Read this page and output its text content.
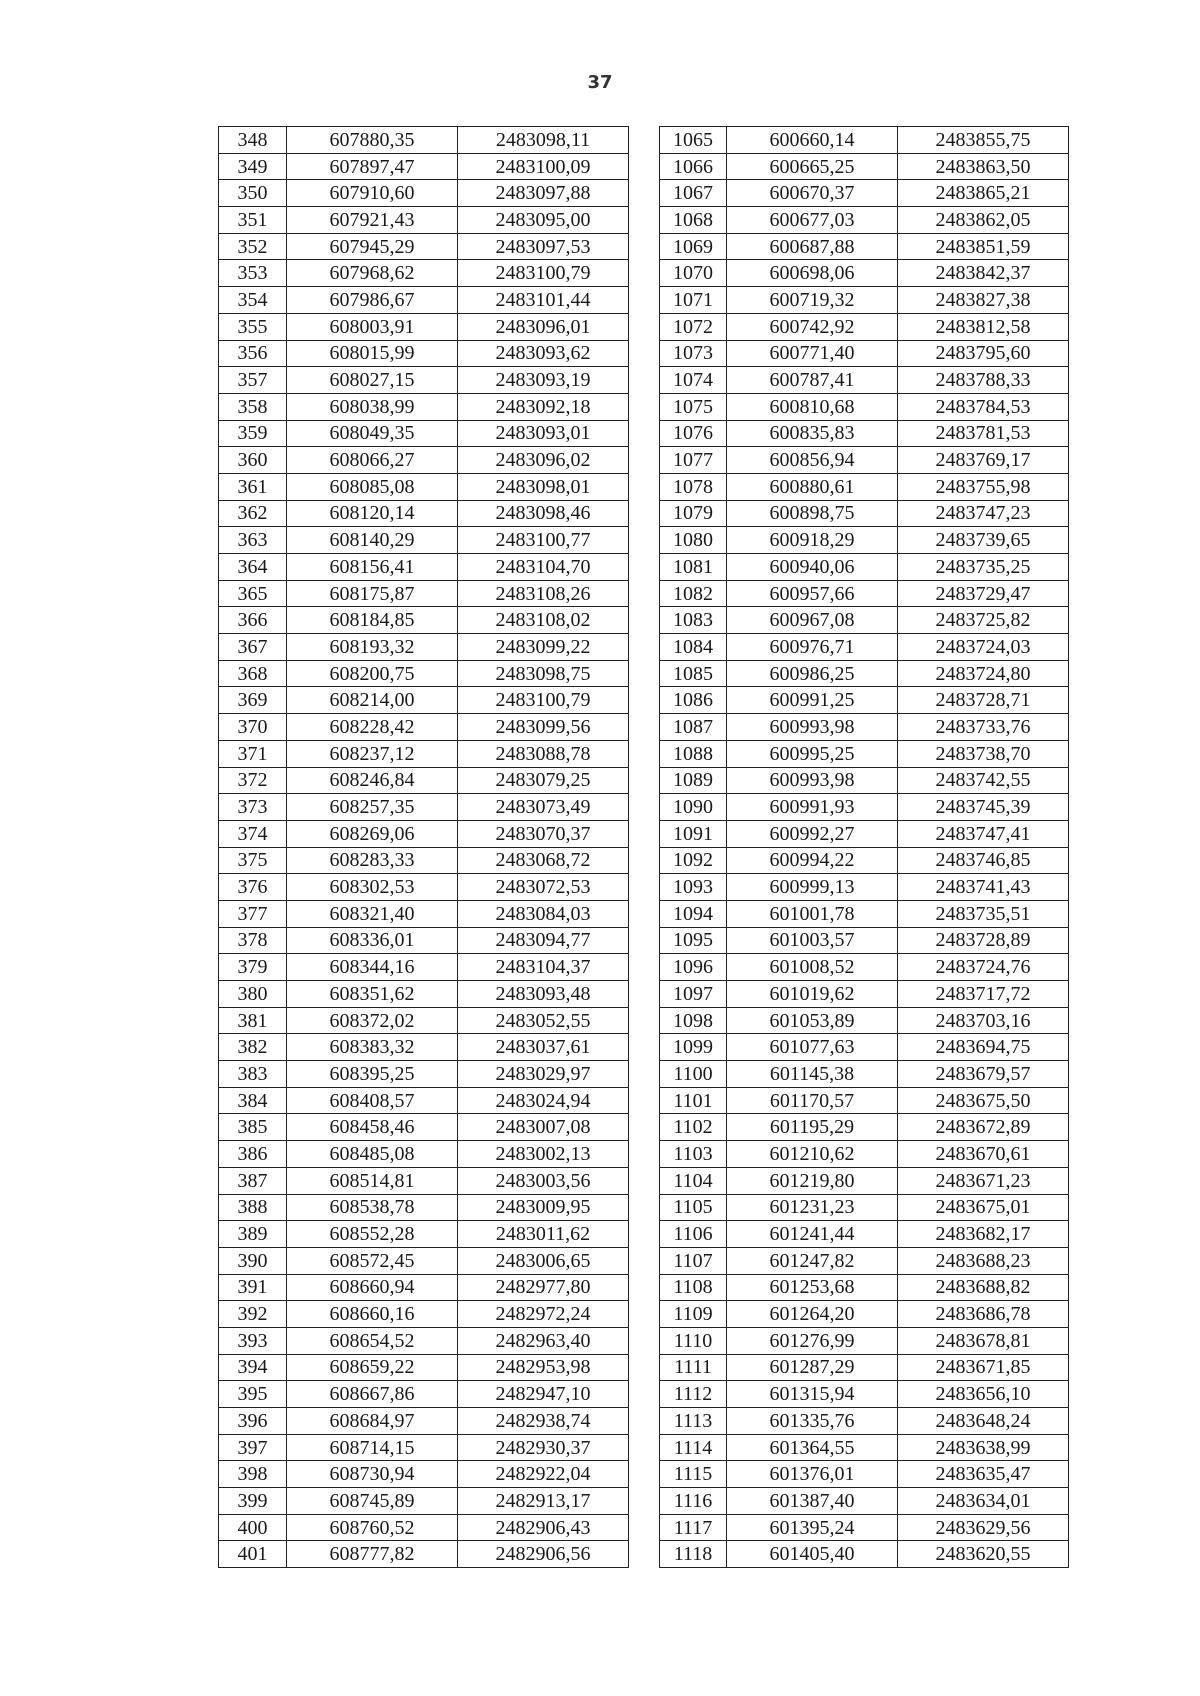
37
348	607880,35	2483098,11
349	607897,47	2483100,09
350	607910,60	2483097,88
351	607921,43	2483095,00
352	607945,29	2483097,53
353	607968,62	2483100,79
354	607986,67	2483101,44
355	608003,91	2483096,01
356	608015,99	2483093,62
357	608027,15	2483093,19
358	608038,99	2483092,18
359	608049,35	2483093,01
360	608066,27	2483096,02
361	608085,08	2483098,01
362	608120,14	2483098,46
363	608140,29	2483100,77
364	608156,41	2483104,70
365	608175,87	2483108,26
366	608184,85	2483108,02
367	608193,32	2483099,22
368	608200,75	2483098,75
369	608214,00	2483100,79
370	608228,42	2483099,56
371	608237,12	2483088,78
372	608246,84	2483079,25
373	608257,35	2483073,49
374	608269,06	2483070,37
375	608283,33	2483068,72
376	608302,53	2483072,53
377	608321,40	2483084,03
378	608336,01	2483094,77
379	608344,16	2483104,37
380	608351,62	2483093,48
381	608372,02	2483052,55
382	608383,32	2483037,61
383	608395,25	2483029,97
384	608408,57	2483024,94
385	608458,46	2483007,08
386	608485,08	2483002,13
387	608514,81	2483003,56
388	608538,78	2483009,95
389	608552,28	2483011,62
390	608572,45	2483006,65
391	608660,94	2482977,80
392	608660,16	2482972,24
393	608654,52	2482963,40
394	608659,22	2482953,98
395	608667,86	2482947,10
396	608684,97	2482938,74
397	608714,15	2482930,37
398	608730,94	2482922,04
399	608745,89	2482913,17
400	608760,52	2482906,43
401	608777,82	2482906,56
1065	600660,14	2483855,75
1066	600665,25	2483863,50
1067	600670,37	2483865,21
1068	600677,03	2483862,05
1069	600687,88	2483851,59
1070	600698,06	2483842,37
1071	600719,32	2483827,38
1072	600742,92	2483812,58
1073	600771,40	2483795,60
1074	600787,41	2483788,33
1075	600810,68	2483784,53
1076	600835,83	2483781,53
1077	600856,94	2483769,17
1078	600880,61	2483755,98
1079	600898,75	2483747,23
1080	600918,29	2483739,65
1081	600940,06	2483735,25
1082	600957,66	2483729,47
1083	600967,08	2483725,82
1084	600976,71	2483724,03
1085	600986,25	2483724,80
1086	600991,25	2483728,71
1087	600993,98	2483733,76
1088	600995,25	2483738,70
1089	600993,98	2483742,55
1090	600991,93	2483745,39
1091	600992,27	2483747,41
1092	600994,22	2483746,85
1093	600999,13	2483741,43
1094	601001,78	2483735,51
1095	601003,57	2483728,89
1096	601008,52	2483724,76
1097	601019,62	2483717,72
1098	601053,89	2483703,16
1099	601077,63	2483694,75
1100	601145,38	2483679,57
1101	601170,57	2483675,50
1102	601195,29	2483672,89
1103	601210,62	2483670,61
1104	601219,80	2483671,23
1105	601231,23	2483675,01
1106	601241,44	2483682,17
1107	601247,82	2483688,23
1108	601253,68	2483688,82
1109	601264,20	2483686,78
1110	601276,99	2483678,81
1111	601287,29	2483671,85
1112	601315,94	2483656,10
1113	601335,76	2483648,24
1114	601364,55	2483638,99
1115	601376,01	2483635,47
1116	601387,40	2483634,01
1117	601395,24	2483629,56
1118	601405,40	2483620,55
